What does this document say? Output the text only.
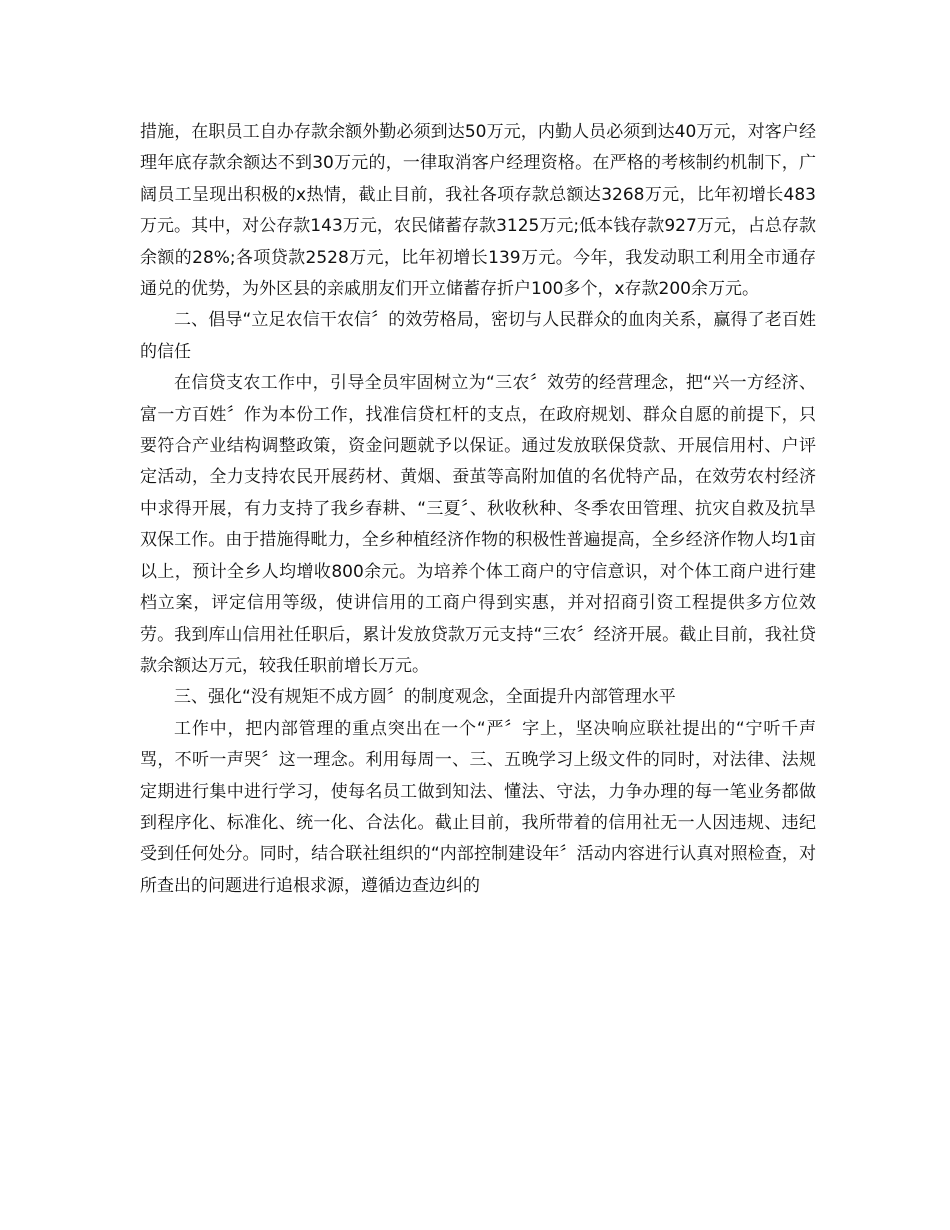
措施，在职员工自办存款余额外勤必须到达50万元，内勤人员必须到达40万元，对客户经理年底存款余额达不到30万元的，一律取消客户经理资格。在严格的考核制约机制下，广阔员工呈现出积极的x热情，截止目前，我社各项存款总额达3268万元，比年初增长483万元。其中，对公存款143万元，农民储蓄存款3125万元;低本钱存款927万元，占总存款余额的28%;各项贷款2528万元，比年初增长139万元。今年，我发动职工利用全市通存通兑的优势，为外区县的亲戚朋友们开立储蓄存折户100多个，x存款200余万元。

二、倡导“立足农信干农信〞的效劳格局，密切与人民群众的血肉关系，赢得了老百姓的信任

在信贷支农工作中，引导全员牢固树立为“三农〞效劳的经营理念，把“兴一方经济、富一方百姓〞作为本份工作，找准信贷杠杆的支点，在政府规划、群众自愿的前提下，只要符合产业结构调整政策，资金问题就予以保证。通过发放联保贷款、开展信用村、户评定活动，全力支持农民开展药材、黄烟、蚕茧等高附加值的名优特产品，在效劳农村经济中求得开展，有力支持了我乡春耕、“三夏〞、秋收秋种、冬季农田管理、抗灾自救及抗旱双保工作。由于措施得毗力，全乡种植经济作物的积极性普遍提高，全乡经济作物人均1亩以上，预计全乡人均增收800余元。为培养个体工商户的守信意识，对个体工商户进行建档立案，评定信用等级，使讲信用的工商户得到实惠，并对招商引资工程提供多方位效劳。我到库山信用社任职后，累计发放贷款万元支持“三农〞经济开展。截止目前，我社贷款余额达万元，较我任职前增长万元。

三、强化“没有规矩不成方圆〞的制度观念，全面提升内部管理水平

工作中，把内部管理的重点突出在一个“严〞字上，坚决响应联社提出的“宁听千声骂，不听一声哭〞这一理念。利用每周一、三、五晚学习上级文件的同时，对法律、法规定期进行集中进行学习，使每名员工做到知法、懂法、守法，力争办理的每一笔业务都做到程序化、标准化、统一化、合法化。截止目前，我所带着的信用社无一人因违规、违纪受到任何处分。同时，结合联社组织的“内部控制建设年〞活动内容进行认真对照检查，对所查出的问题进行追根求源，遵循边查边纠的
